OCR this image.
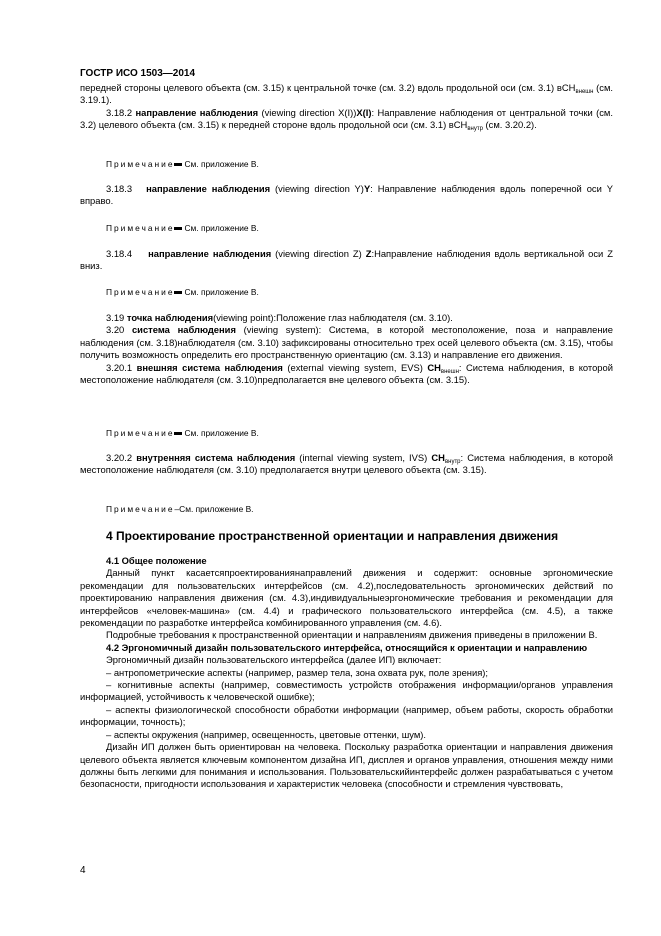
ГОСТР ИСО 1503—2014

передней стороны целевого объекта (см. 3.15) к центральной точке (см. 3.2) вдоль продольной оси (см. 3.1) вСН$_{внешн}$ (см. 3.19.1).

3.18.2 направление наблюдения (viewing direction X(I))X(I): Направление наблюдения от центральной точки (см. 3.2) целевого объекта (см. 3.15) к передней стороне вдоль продольной оси (см. 3.1) вСН$_{внутр}$ (см. 3.20.2).

Примечание См. приложение В.

3.18.3 направление наблюдения (viewing direction Y)Y: Направление наблюдения вдоль поперечной оси Y вправо.

Примечание См. приложение В.

3.18.4 направление наблюдения (viewing direction Z) Z:Направление наблюдения вдоль вертикальной оси Z вниз.

Примечание См. приложение В.

3.19 точка наблюдения(viewing point):Положение глаз наблюдателя (см. 3.10).

3.20 система наблюдения (viewing system): Система, в которой местоположение, поза и направление наблюдения (см. 3.18)наблюдателя (см. 3.10) зафиксированы относительно трех осей целевого объекта (см. 3.15), чтобы получить возможность определить его пространственную ориентацию (см. 3.13) и направление его движения.

3.20.1 внешняя система наблюдения (external viewing system, EVS) $СН_{внешн}$: Система наблюдения, в которой местоположение наблюдателя (см. 3.10)предполагается вне целевого объекта (см. 3.15).

Примечание См. приложение В.

3.20.2 внутренняя система наблюдения (internal viewing system, IVS) $СН_{внутр}$: Система наблюдения, в которой местоположение наблюдателя (см. 3.10) предполагается внутри целевого объекта (см. 3.15).

Примечание–См. приложение В.

4 Проектирование пространственной ориентации и направления движения

4.1 Общее положение

Данный пункт касаетсяпроектированиянаправлений движения и содержит: основные эргономические рекомендации для пользовательских интерфейсов (см. 4.2),последовательность эргономических действий по проектированию направления движения (см. 4.3),индивидуальныеэргономические требования и рекомендации для интерфейсов «человек-машина» (см. 4.4) и графического пользовательского интерфейса (см. 4.5), а также рекомендации по разработке интерфейса комбинированного управления (см. 4.6).

Подробные требования к пространственной ориентации и направлениям движения приведены в приложении В.

4.2 Эргономичный дизайн пользовательского интерфейса, относящийся к ориентации и направлению

Эргономичный дизайн пользовательского интерфейса (далее ИП) включает:

– антропометрические аспекты (например, размер тела, зона охвата рук, поле зрения);

– когнитивные аспекты (например, совместимость устройств отображения информации/органов управления информацией, устойчивость к человеческой ошибке);

– аспекты физиологической способности обработки информации (например, объем работы, скорость обработки информации, точность);

– аспекты окружения (например, освещенность, цветовые оттенки, шум).

Дизайн ИП должен быть ориентирован на человека. Поскольку разработка ориентации и направления движения целевого объекта является ключевым компонентом дизайна ИП, дисплея и органов управления, отношения между ними должны быть легкими для понимания и использования. Пользовательскийинтерфейс должен разрабатываться с учетом безопасности, пригодности использования и характеристик человека (способности и стремления чувствовать,

4
